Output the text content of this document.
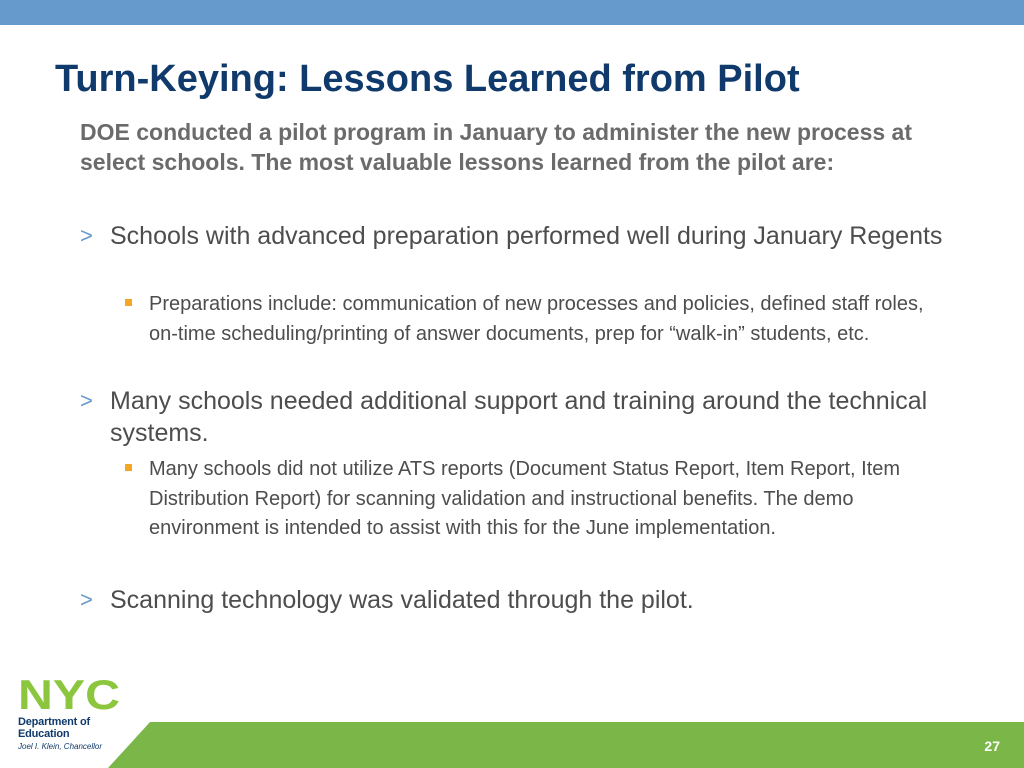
Turn-Keying: Lessons Learned from Pilot

DOE conducted a pilot program in January to administer the new process at select schools. The most valuable lessons learned from the pilot are:

> Schools with advanced preparation performed well during January Regents
Preparations include: communication of new processes and policies, defined staff roles, on-time scheduling/printing of answer documents, prep for “walk-in” students, etc.
> Many schools needed additional support and training around the technical systems.
Many schools did not utilize ATS reports (Document Status Report, Item Report, Item Distribution Report) for scanning validation and instructional benefits. The demo environment is intended to assist with this for the June implementation.
> Scanning technology was validated through the pilot.
NYC
Department of
Education
Joel I. Klein, Chancellor	27
